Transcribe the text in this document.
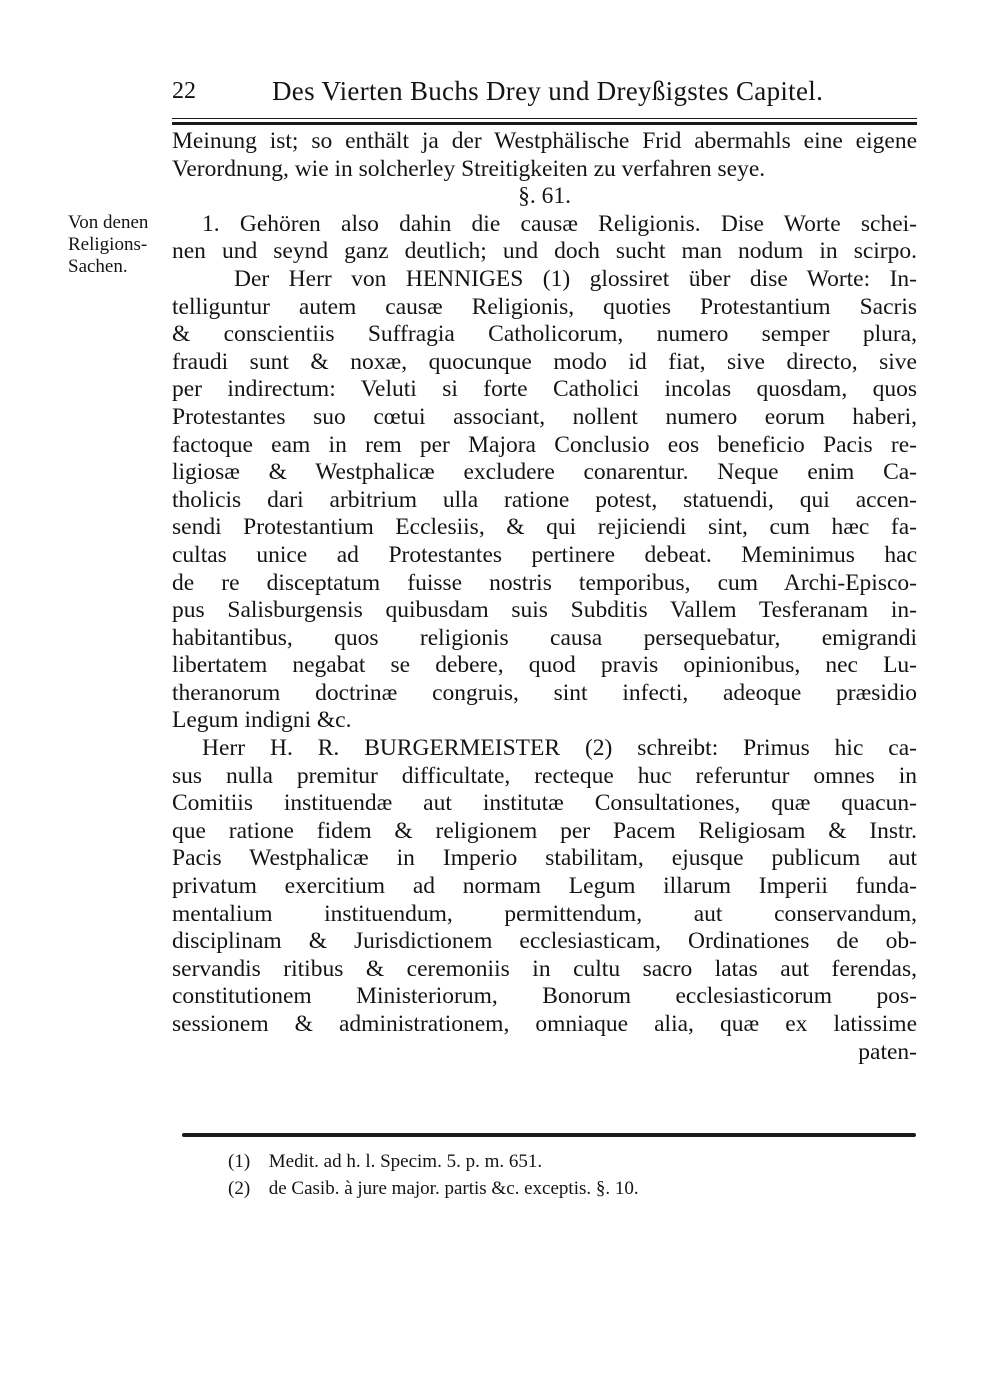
22	Des Vierten Buchs Drey und Dreyßigstes Capitel.
Von denen
Religions-
Sachen.
Meinung ist; so enthält ja der Westphälische Frid abermahls eine eigene
Verordnung, wie in solcherley Streitigkeiten zu verfahren seye.
§. 61.
1. Gehören also dahin die causæ Religionis. Dise Worte schei-
nen und seynd ganz deutlich; und doch sucht man nodum in scirpo.
Der Herr von HENNIGES (1) glossiret über dise Worte: In-
telliguntur autem causæ Religionis, quoties Protestantium Sacris
& conscientiis Suffragia Catholicorum, numero semper plura,
fraudi sunt & noxæ, quocunque modo id fiat, sive directo, sive
per indirectum: Veluti si forte Catholici incolas quosdam, quos
Protestantes suo cœtui associant, nollent numero eorum haberi,
factoque eam in rem per Majora Conclusio eos beneficio Pacis re-
ligiosæ & Westphalicæ excludere conarentur. Neque enim Ca-
tholicis dari arbitrium ulla ratione potest, statuendi, qui accen-
sendi Protestantium Ecclesiis, & qui rejiciendi sint, cum hæc fa-
cultas unice ad Protestantes pertinere debeat. Meminimus hac
de re disceptatum fuisse nostris temporibus, cum Archi-Episco-
pus Salisburgensis quibusdam suis Subditis Vallem Tesferanam in-
habitantibus, quos religionis causa persequebatur, emigrandi
libertatem negabat se debere, quod pravis opinionibus, nec Lu-
theranorum doctrinæ congruis, sint infecti, adeoque præsidio
Legum indigni &c.
Herr H. R. BURGERMEISTER (2) schreibt: Primus hic ca-
sus nulla premitur difficultate, recteque huc referuntur omnes in
Comitiis instituendæ aut institutæ Consultationes, quæ quacun-
que ratione fidem & religionem per Pacem Religiosam & Instr.
Pacis Westphalicæ in Imperio stabilitam, ejusque publicum aut
privatum exercitium ad normam Legum illarum Imperii funda-
mentalium instituendum, permittendum, aut conservandum,
disciplinam & Jurisdictionem ecclesiasticam, Ordinationes de ob-
servandis ritibus & ceremoniis in cultu sacro latas aut ferendas,
constitutionem Ministeriorum, Bonorum ecclesiasticorum pos-
sessionem & administrationem, omniaque alia, quæ ex latissime
paten-
(1) Medit. ad h. l. Specim. 5. p. m. 651.
(2) de Casib. à jure major. partis &c. exceptis. §. 10.
